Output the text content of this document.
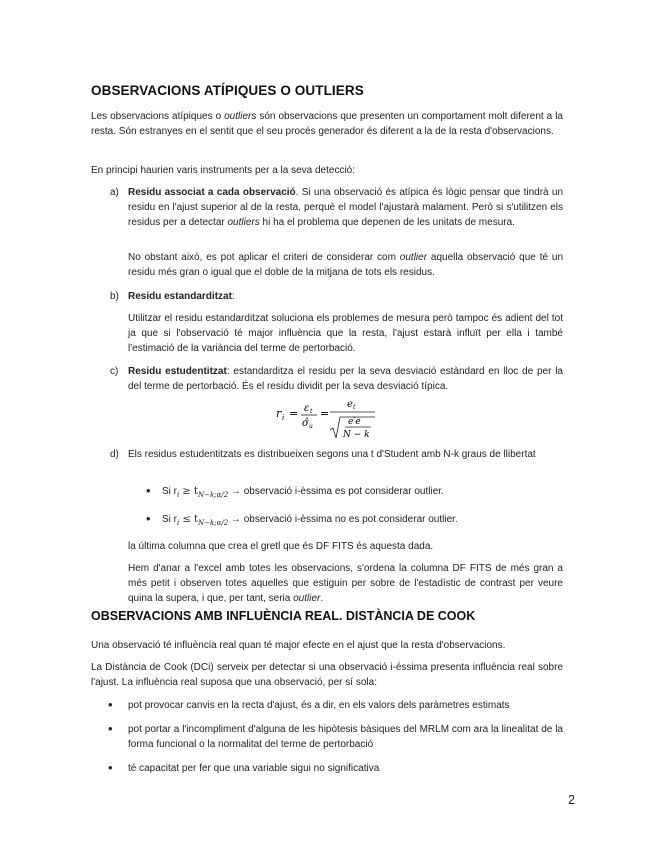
OBSERVACIONS ATÍPIQUES O OUTLIERS
Les observacions atípiques o outliers són observacions que presenten un comportament molt diferent a la resta. Són estranyes en el sentit que el seu procés generador és diferent a la de la resta d'observacions.
En principi haurien varis instruments per a la seva detecció:
a) Residu associat a cada observació. Si una observació és atípica és lògic pensar que tindrà un residu en l'ajust superior al de la resta, perquè el model l'ajustarà malament. Però si s'utilitzen els residus per a detectar outliers hi ha el problema que depenen de les unitats de mesura.
No obstant això, es pot aplicar el criteri de considerar com outlier aquella observació que té un residu més gran o igual que el doble de la mitjana de tots els residus.
b) Residu estandarditzat:
Utilitzar el residu estandarditzat soluciona els problemes de mesura però tampoc és adient del tot ja que si l'observació té major influència que la resta, l'ajust estarà influït per ella i també l'estimació de la variància del terme de pertorbació.
c) Residu estudentitzat: estandarditza el residu per la seva desviació estàndard en lloc de per la del terme de pertorbació. És el residu dividit per la seva desviació típica.
r i = ε t
σ̂ u
=
e t
e′e
N − k
d) Els residus estudentitzats es distribueixen segons una t d'Student amb N-k graus de llibertat
• Si $r_i \ge t_{N-k;\alpha/2}$ → observació i-èssima es pot considerar outlier.
• Si $r_i \le t_{N-k;\alpha/2}$ → observació i-èssima no es pot considerar outlier.
la última columna que crea el gretl que és DF FITS és aquesta dada.
Hem d'anar a l'excel amb totes les observacions, s'ordena la columna DF FITS de més gran a més petit i observen totes aquelles que estiguin per sobre de l'estadístic de contrast per veure quina la supera, i que, per tant, seria outlier.
OBSERVACIONS AMB INFLUÈNCIA REAL. DISTÀNCIA DE COOK
Una observació té influència real quan té major efecte en el ajust que la resta d'observacions.
La Distància de Cook (DCi) serveix per detectar si una observació i-éssima presenta influència real sobre l'ajust. La influència real suposa que una observació, per sí sola:
• pot provocar canvis en la recta d'ajust, és a dir, en els valors dels paràmetres estimats
• pot portar a l'incompliment d'alguna de les hipòtesis bàsiques del MRLM com ara la linealitat de la forma funcional o la normalitat del terme de pertorbació
• té capacitat per fer que una variable sigui no significativa
2
